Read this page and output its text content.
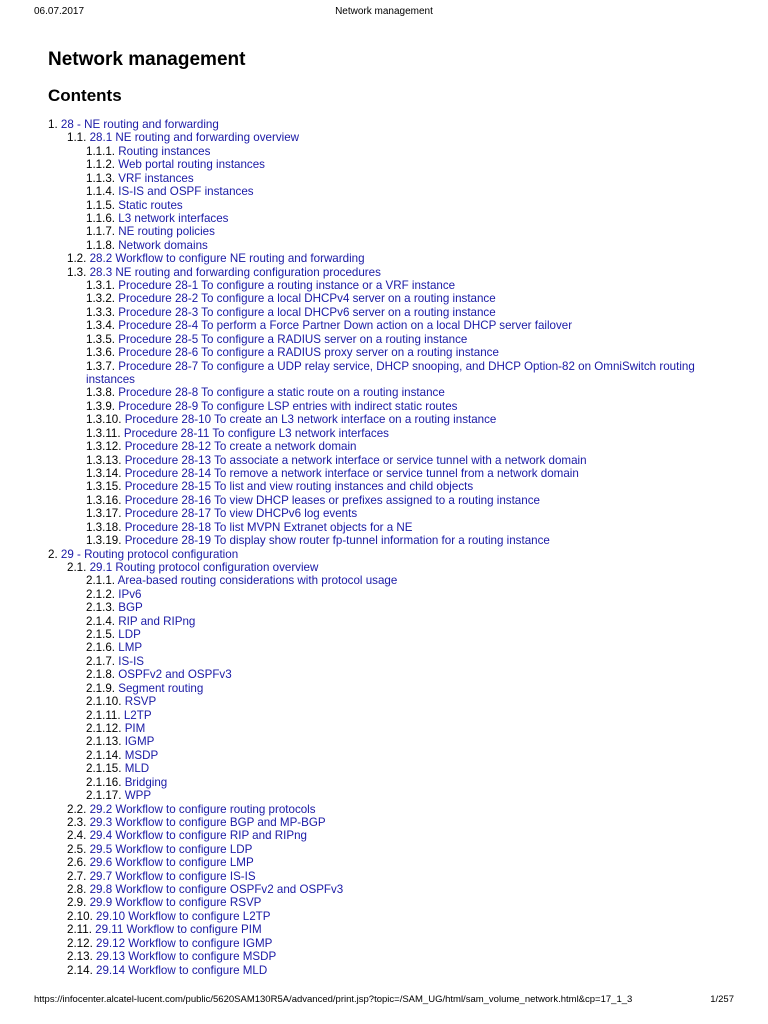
06.07.2017	Network management
Network management
Contents
1. 28 - NE routing and forwarding
1.1. 28.1 NE routing and forwarding overview
1.1.1. Routing instances
1.1.2. Web portal routing instances
1.1.3. VRF instances
1.1.4. IS-IS and OSPF instances
1.1.5. Static routes
1.1.6. L3 network interfaces
1.1.7. NE routing policies
1.1.8. Network domains
1.2. 28.2 Workflow to configure NE routing and forwarding
1.3. 28.3 NE routing and forwarding configuration procedures
1.3.1. Procedure 28-1 To configure a routing instance or a VRF instance
1.3.2. Procedure 28-2 To configure a local DHCPv4 server on a routing instance
1.3.3. Procedure 28-3 To configure a local DHCPv6 server on a routing instance
1.3.4. Procedure 28-4 To perform a Force Partner Down action on a local DHCP server failover
1.3.5. Procedure 28-5 To configure a RADIUS server on a routing instance
1.3.6. Procedure 28-6 To configure a RADIUS proxy server on a routing instance
1.3.7. Procedure 28-7 To configure a UDP relay service, DHCP snooping, and DHCP Option-82 on OmniSwitch routing instances
1.3.8. Procedure 28-8 To configure a static route on a routing instance
1.3.9. Procedure 28-9 To configure LSP entries with indirect static routes
1.3.10. Procedure 28-10 To create an L3 network interface on a routing instance
1.3.11. Procedure 28-11 To configure L3 network interfaces
1.3.12. Procedure 28-12 To create a network domain
1.3.13. Procedure 28-13 To associate a network interface or service tunnel with a network domain
1.3.14. Procedure 28-14 To remove a network interface or service tunnel from a network domain
1.3.15. Procedure 28-15 To list and view routing instances and child objects
1.3.16. Procedure 28-16 To view DHCP leases or prefixes assigned to a routing instance
1.3.17. Procedure 28-17 To view DHCPv6 log events
1.3.18. Procedure 28-18 To list MVPN Extranet objects for a NE
1.3.19. Procedure 28-19 To display show router fp-tunnel information for a routing instance
2. 29 - Routing protocol configuration
2.1. 29.1 Routing protocol configuration overview
2.1.1. Area-based routing considerations with protocol usage
2.1.2. IPv6
2.1.3. BGP
2.1.4. RIP and RIPng
2.1.5. LDP
2.1.6. LMP
2.1.7. IS-IS
2.1.8. OSPFv2 and OSPFv3
2.1.9. Segment routing
2.1.10. RSVP
2.1.11. L2TP
2.1.12. PIM
2.1.13. IGMP
2.1.14. MSDP
2.1.15. MLD
2.1.16. Bridging
2.1.17. WPP
2.2. 29.2 Workflow to configure routing protocols
2.3. 29.3 Workflow to configure BGP and MP-BGP
2.4. 29.4 Workflow to configure RIP and RIPng
2.5. 29.5 Workflow to configure LDP
2.6. 29.6 Workflow to configure LMP
2.7. 29.7 Workflow to configure IS-IS
2.8. 29.8 Workflow to configure OSPFv2 and OSPFv3
2.9. 29.9 Workflow to configure RSVP
2.10. 29.10 Workflow to configure L2TP
2.11. 29.11 Workflow to configure PIM
2.12. 29.12 Workflow to configure IGMP
2.13. 29.13 Workflow to configure MSDP
2.14. 29.14 Workflow to configure MLD
https://infocenter.alcatel-lucent.com/public/5620SAM130R5A/advanced/print.jsp?topic=/SAM_UG/html/sam_volume_network.html&cp=17_1_3	1/257
